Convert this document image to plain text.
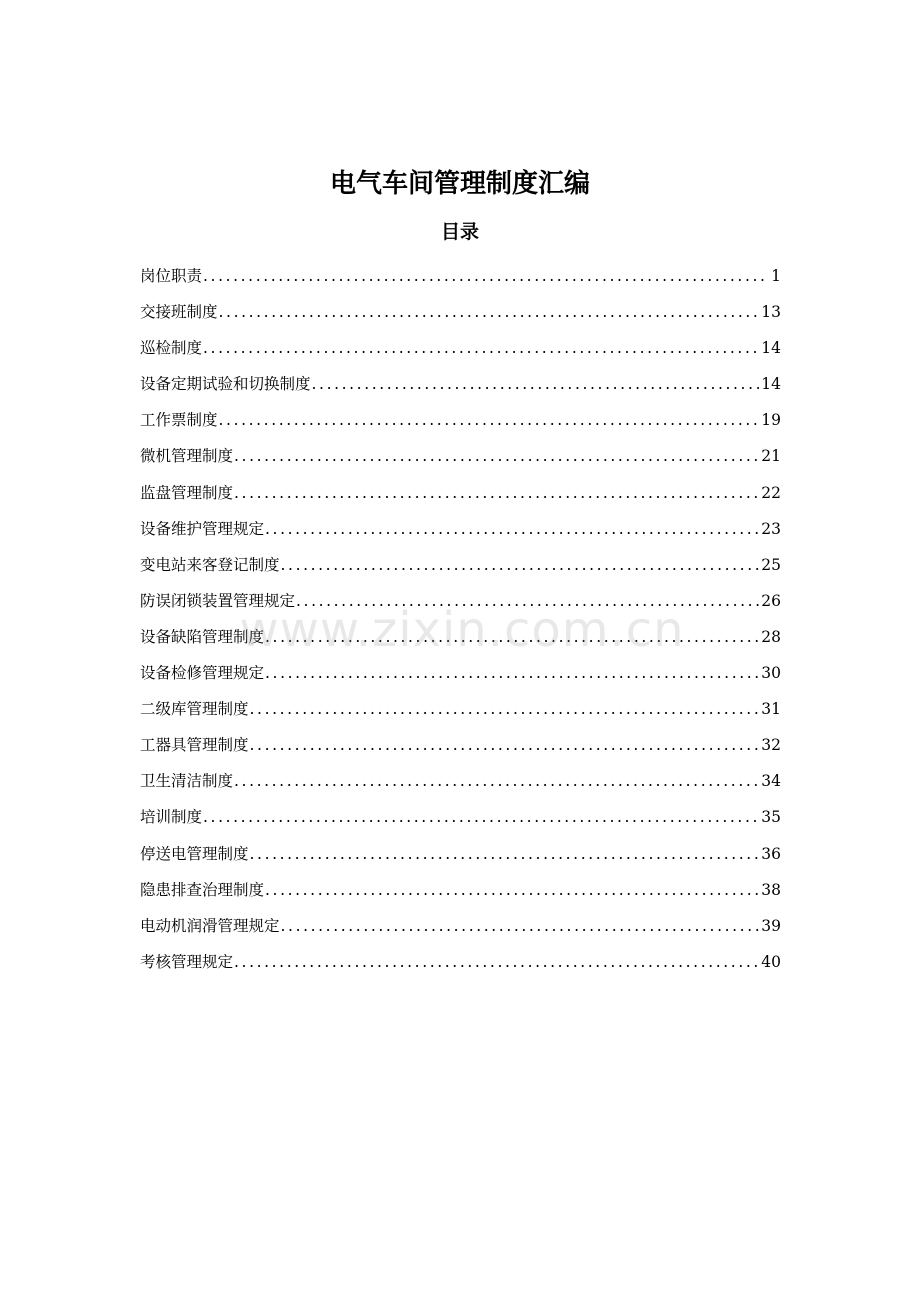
电气车间管理制度汇编
目录
岗位职责 .....	1
交接班制度 .....	13
巡检制度 .....	14
设备定期试验和切换制度 .....	14
工作票制度 .....	19
微机管理制度 .....	21
监盘管理制度 .....	22
设备维护管理规定 .....	23
变电站来客登记制度 .....	25
防误闭锁装置管理规定 .....	26
设备缺陷管理制度 .....	28
设备检修管理规定 .....	30
二级库管理制度 .....	31
工器具管理制度 .....	32
卫生清洁制度 .....	34
培训制度 .....	35
停送电管理制度 .....	36
隐患排查治理制度 .....	38
电动机润滑管理规定 .....	39
考核管理规定 .....	40
www.zixin.com.cn
